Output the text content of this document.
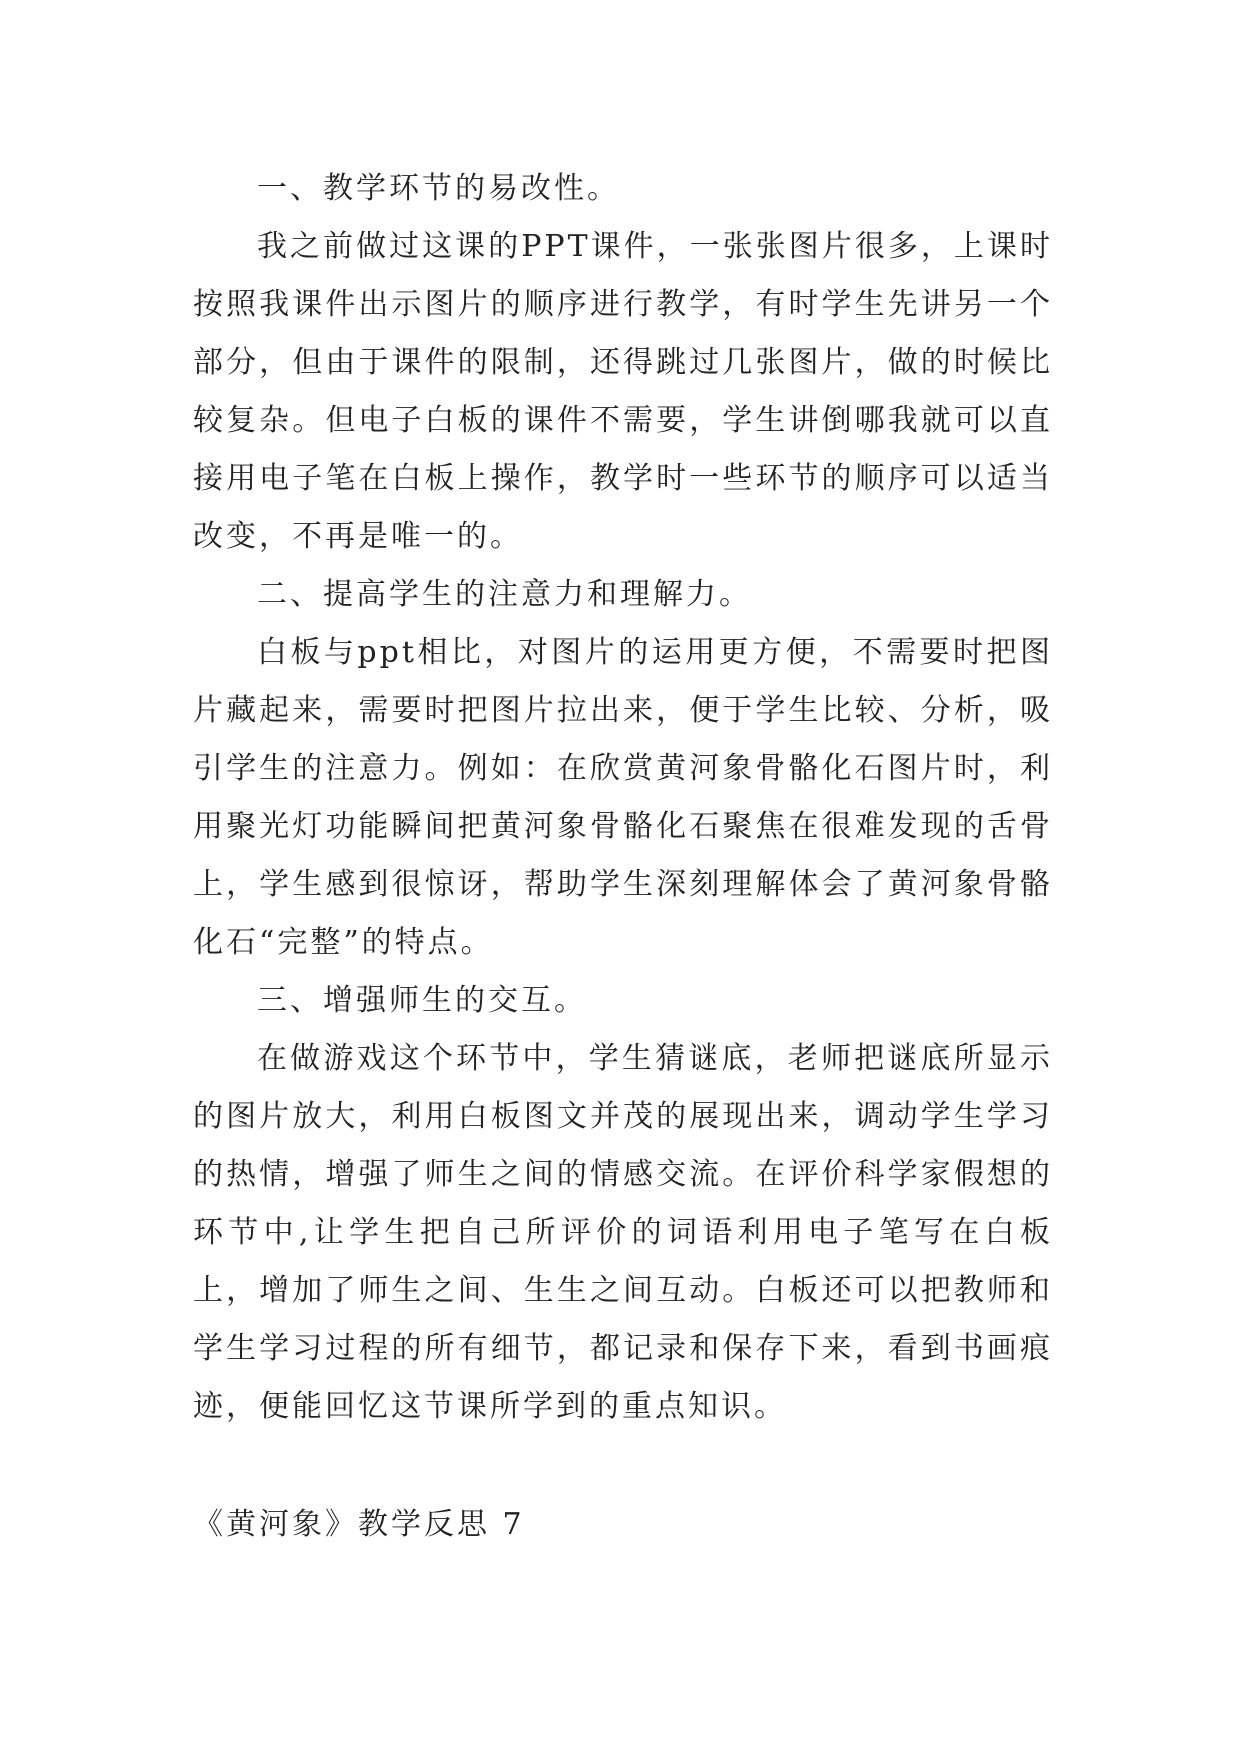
一、教学环节的易改性。

我之前做过这课的PPT课件，一张张图片很多，上课时按照我课件出示图片的顺序进行教学，有时学生先讲另一个部分，但由于课件的限制，还得跳过几张图片，做的时候比较复杂。但电子白板的课件不需要，学生讲倒哪我就可以直接用电子笔在白板上操作，教学时一些环节的顺序可以适当改变，不再是唯一的。

二、提高学生的注意力和理解力。

白板与ppt相比，对图片的运用更方便，不需要时把图片藏起来，需要时把图片拉出来，便于学生比较、分析，吸引学生的注意力。例如：在欣赏黄河象骨骼化石图片时，利用聚光灯功能瞬间把黄河象骨骼化石聚焦在很难发现的舌骨上，学生感到很惊讶，帮助学生深刻理解体会了黄河象骨骼化石“完整”的特点。

三、增强师生的交互。

在做游戏这个环节中，学生猜谜底，老师把谜底所显示的图片放大，利用白板图文并茂的展现出来，调动学生学习的热情，增强了师生之间的情感交流。在评价科学家假想的环节中,让学生把自己所评价的词语利用电子笔写在白板上，增加了师生之间、生生之间互动。白板还可以把教师和学生学习过程的所有细节，都记录和保存下来，看到书画痕迹，便能回忆这节课所学到的重点知识。

《黄河象》教学反思 7
